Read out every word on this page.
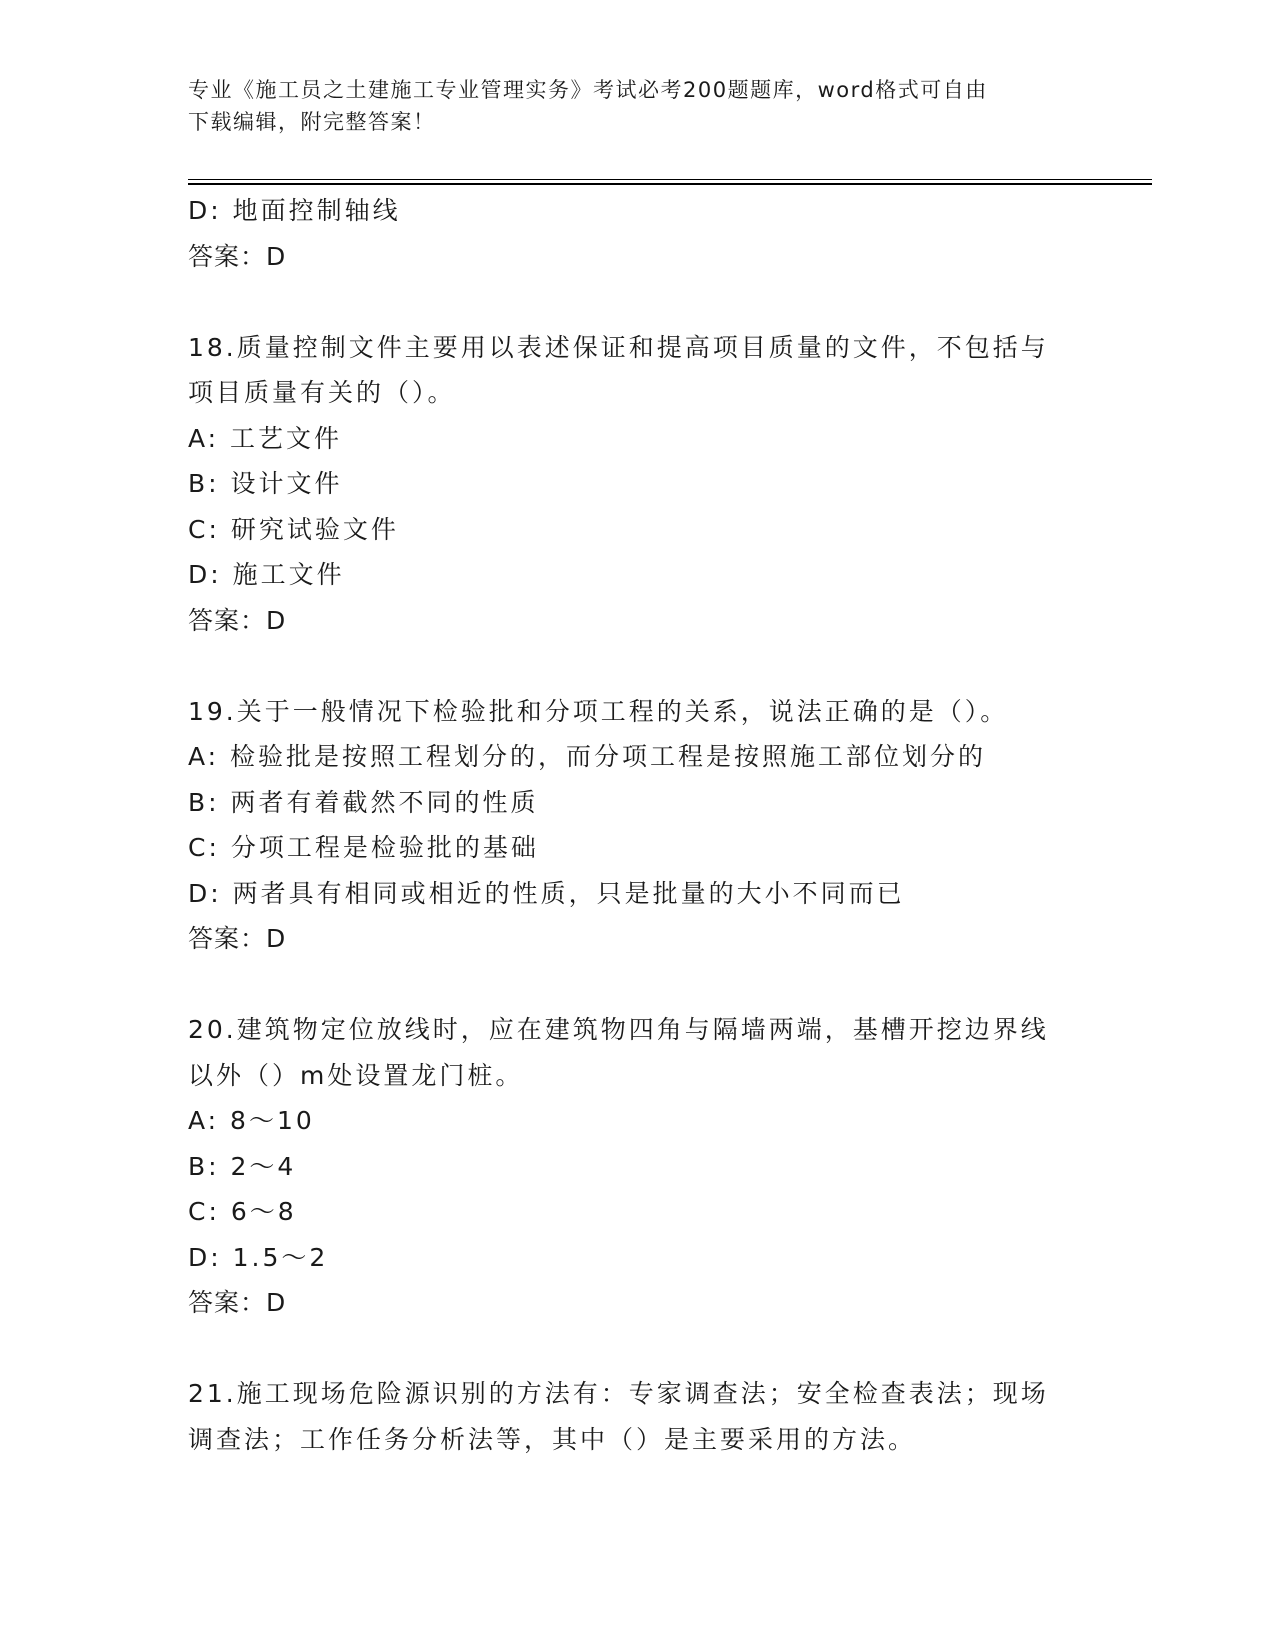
专业《施工员之土建施工专业管理实务》考试必考200题题库，word格式可自由
下载编辑，附完整答案！
D: 地面控制轴线
答案：D
18.质量控制文件主要用以表述保证和提高项目质量的文件，不包括与
项目质量有关的（）。
A: 工艺文件
B: 设计文件
C: 研究试验文件
D: 施工文件
答案：D
19.关于一般情况下检验批和分项工程的关系，说法正确的是（）。
A: 检验批是按照工程划分的，而分项工程是按照施工部位划分的
B: 两者有着截然不同的性质
C: 分项工程是检验批的基础
D: 两者具有相同或相近的性质，只是批量的大小不同而已
答案：D
20.建筑物定位放线时，应在建筑物四角与隔墙两端，基槽开挖边界线
以外（）m处设置龙门桩。
A: 8～10
B: 2～4
C: 6～8
D: 1.5～2
答案：D
21.施工现场危险源识别的方法有：专家调查法；安全检查表法；现场
调查法；工作任务分析法等，其中（）是主要采用的方法。
